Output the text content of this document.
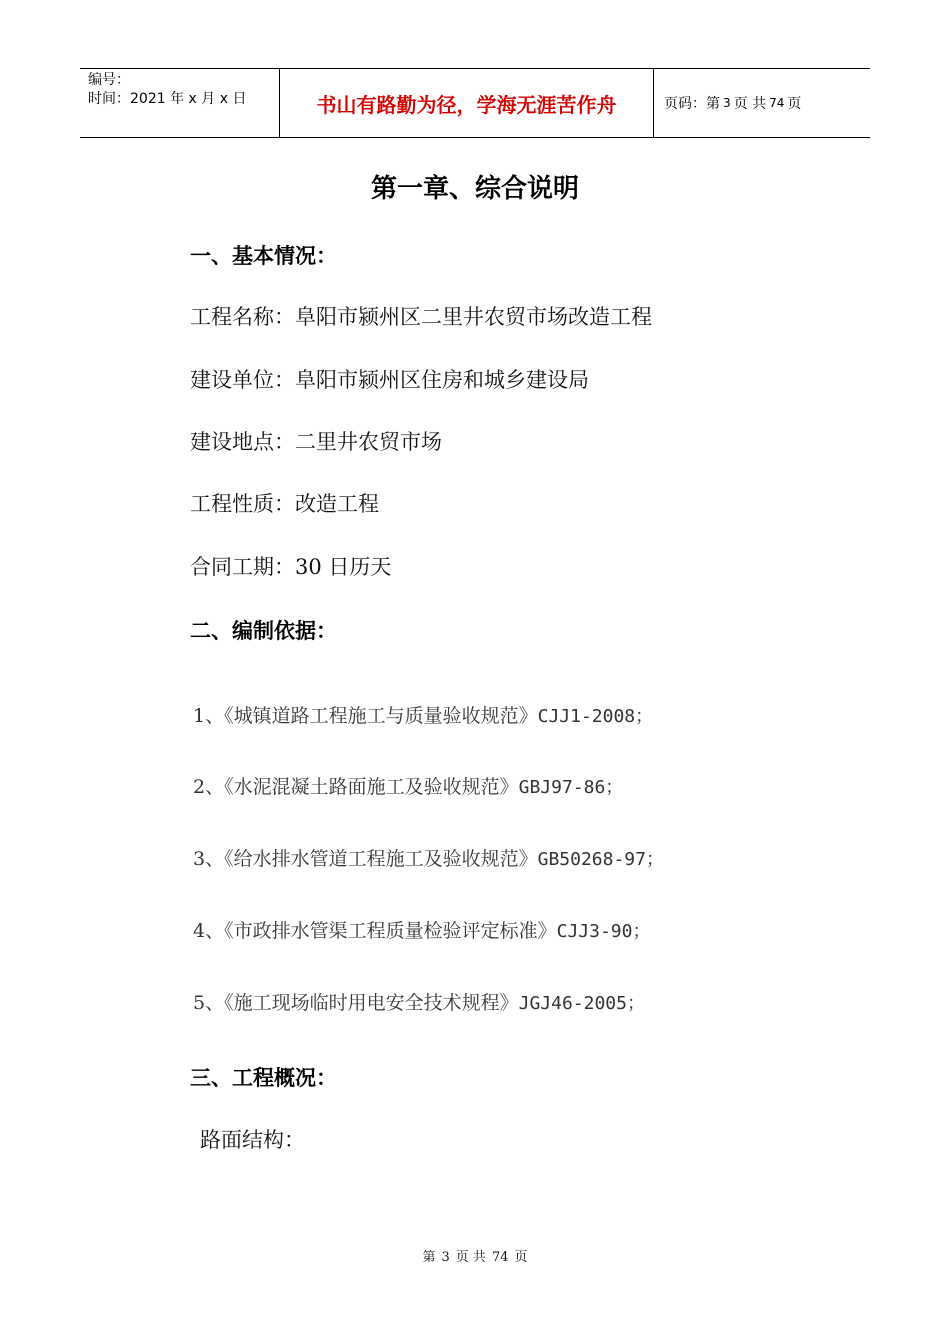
编号：
时间：2021 年 x 月 x 日	书山有路勤为径，学海无涯苦作舟	页码：第 3 页 共 74 页
第一章、综合说明
一、基本情况：
工程名称：阜阳市颍州区二里井农贸市场改造工程
建设单位：阜阳市颍州区住房和城乡建设局
建设地点：二里井农贸市场
工程性质：改造工程
合同工期：30 日历天
二、编制依据：
1、《城镇道路工程施工与质量验收规范》CJJ1-2008；
2、《水泥混凝土路面施工及验收规范》GBJ97-86；
3、《给水排水管道工程施工及验收规范》GB50268-97；
4、《市政排水管渠工程质量检验评定标准》CJJ3-90；
5、《施工现场临时用电安全技术规程》JGJ46-2005；
三、工程概况：
路面结构：
第 3 页 共 74 页
